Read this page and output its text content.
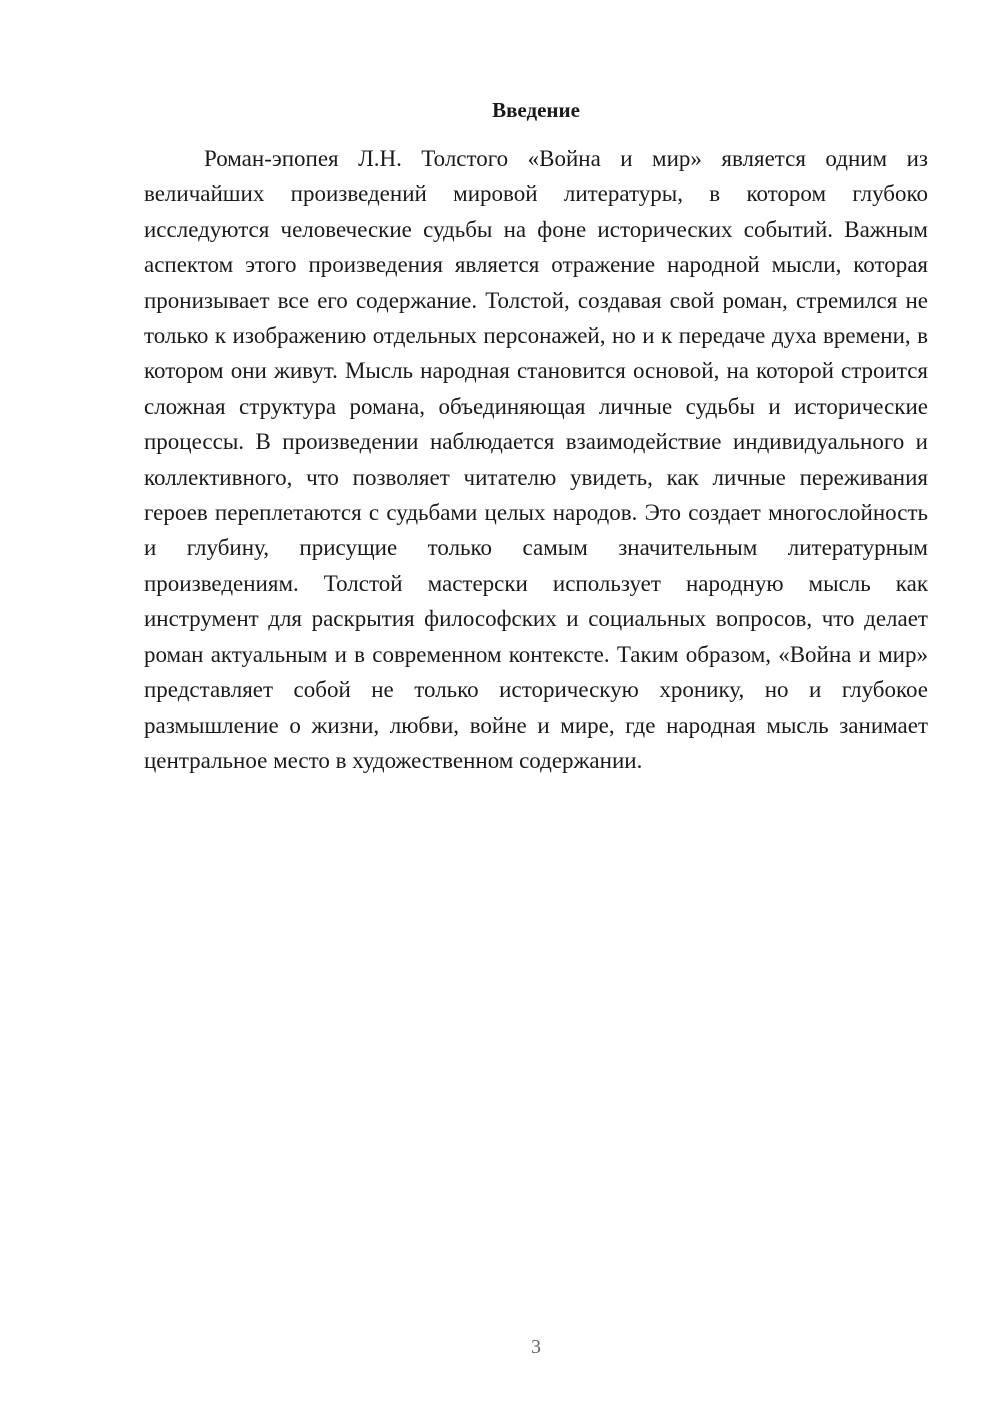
Введение

Роман-эпопея Л.Н. Толстого «Война и мир» является одним из величайших произведений мировой литературы, в котором глубоко исследуются человеческие судьбы на фоне исторических событий. Важным аспектом этого произведения является отражение народной мысли, которая пронизывает все его содержание. Толстой, создавая свой роман, стремился не только к изображению отдельных персонажей, но и к передаче духа времени, в котором они живут. Мысль народная становится основой, на которой строится сложная структура романа, объединяющая личные судьбы и исторические процессы. В произведении наблюдается взаимодействие индивидуального и коллективного, что позволяет читателю увидеть, как личные переживания героев переплетаются с судьбами целых народов. Это создает многослойность и глубину, присущие только самым значительным литературным произведениям. Толстой мастерски использует народную мысль как инструмент для раскрытия философских и социальных вопросов, что делает роман актуальным и в современном контексте. Таким образом, «Война и мир» представляет собой не только историческую хронику, но и глубокое размышление о жизни, любви, войне и мире, где народная мысль занимает центральное место в художественном содержании.

3
